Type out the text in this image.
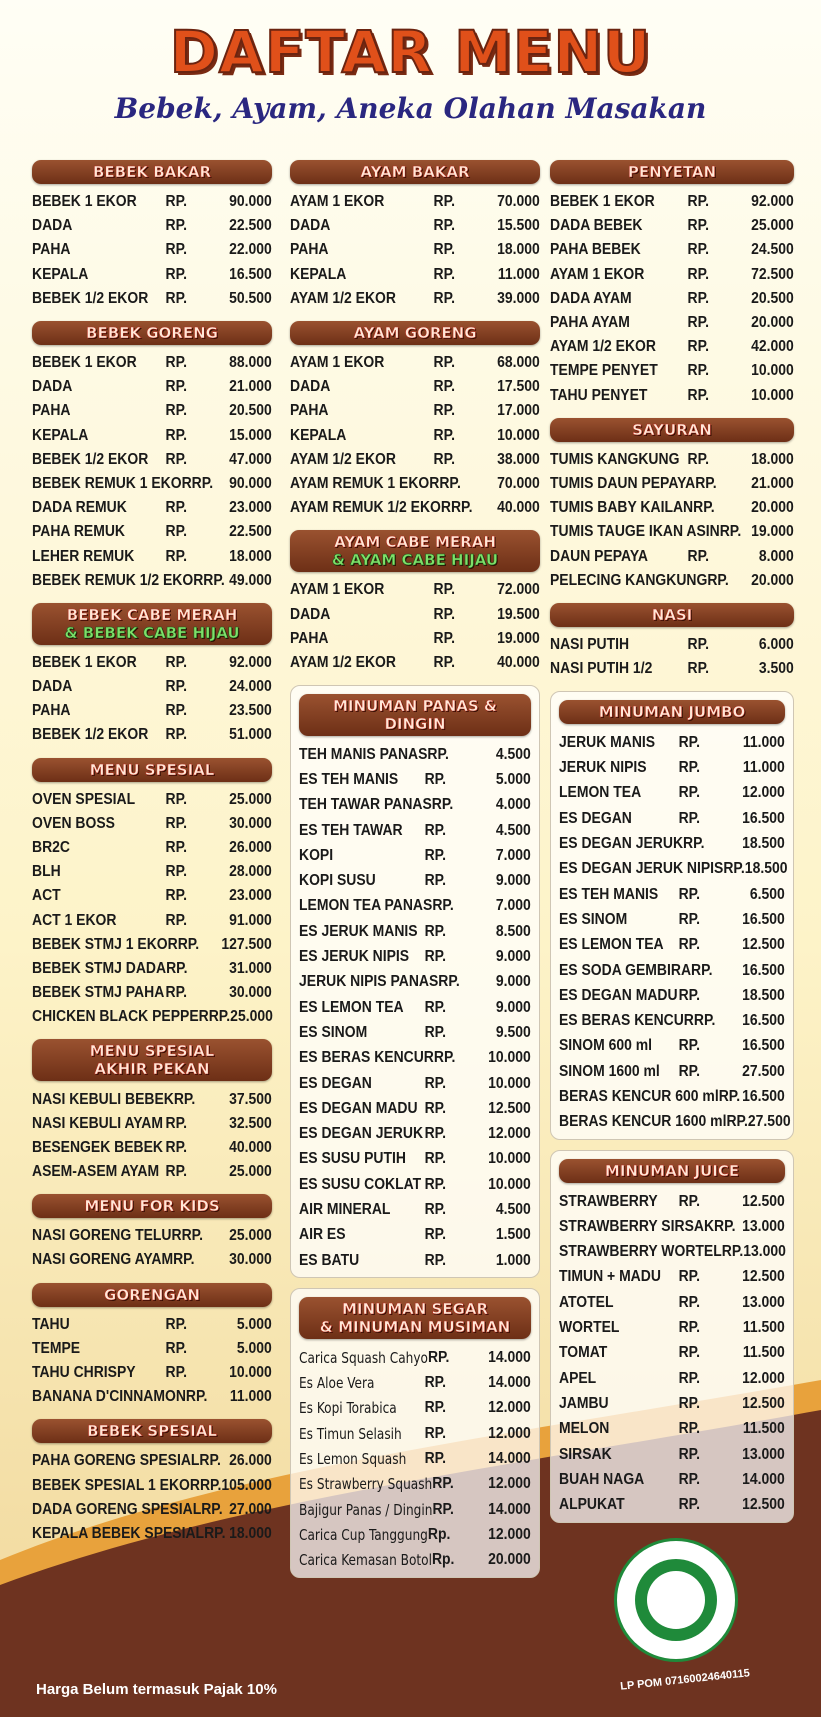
DAFTAR MENU
Bebek, Ayam, Aneka Olahan Masakan
BEBEK BAKAR
BEBEK 1 EKOR	RP.	90.000
DADA	RP.	22.500
PAHA	RP.	22.000
KEPALA	RP.	16.500
BEBEK 1/2 EKOR	RP.	50.500
BEBEK GORENG
BEBEK 1 EKOR	RP.	88.000
DADA	RP.	21.000
PAHA	RP.	20.500
KEPALA	RP.	15.000
BEBEK 1/2 EKOR	RP.	47.000
BEBEK REMUK 1 EKOR RP.	90.000
DADA REMUK	RP.	23.000
PAHA REMUK	RP.	22.500
LEHER REMUK	RP.	18.000
BEBEK REMUK 1/2 EKOR RP. 49.000
BEBEK CABE MERAH
& BEBEK CABE HIJAU
BEBEK 1 EKOR	RP.	92.000
DADA	RP.	24.000
PAHA	RP.	23.500
BEBEK 1/2 EKOR	RP.	51.000
MENU SPESIAL
OVEN SPESIAL	RP.	25.000
OVEN BOSS	RP.	30.000
BR2C	RP.	26.000
BLH	RP.	28.000
ACT	RP.	23.000
ACT 1 EKOR	RP.	91.000
BEBEK STMJ 1 EKOR RP.	127.500
BEBEK STMJ DADA RP.	31.000
BEBEK STMJ PAHA RP.	30.000
CHICKEN BLACK PEPPER RP. 25.000
MENU SPESIAL
AKHIR PEKAN
NASI KEBULI BEBEK RP.	37.500
NASI KEBULI AYAM RP.	32.500
BESENGEK BEBEK RP.	40.000
ASEM-ASEM AYAM RP.	25.000
MENU FOR KIDS
NASI GORENG TELUR RP.	25.000
NASI GORENG AYAM RP.	30.000
GORENGAN
TAHU	RP.	5.000
TEMPE	RP.	5.000
TAHU CHRISPY	RP.	10.000
BANANA D'CINNAMON RP.	11.000
BEBEK SPESIAL
PAHA GORENG SPESIAL RP. 26.000
BEBEK SPESIAL 1 EKOR RP. 105.000
DADA GORENG SPESIAL RP. 27.000
KEPALA BEBEK SPESIAL RP. 18.000
AYAM BAKAR
AYAM 1 EKOR	RP.	70.000
DADA	RP.	15.500
PAHA	RP.	18.000
KEPALA	RP.	11.000
AYAM 1/2 EKOR	RP.	39.000
AYAM GORENG
AYAM 1 EKOR	RP.	68.000
DADA	RP.	17.500
PAHA	RP.	17.000
KEPALA	RP.	10.000
AYAM 1/2 EKOR	RP.	38.000
AYAM REMUK 1 EKOR RP.	70.000
AYAM REMUK 1/2 EKOR RP.	40.000
AYAM CABE MERAH
& AYAM CABE HIJAU
AYAM 1 EKOR	RP.	72.000
DADA	RP.	19.500
PAHA	RP.	19.000
AYAM 1/2 EKOR	RP.	40.000
MINUMAN PANAS & DINGIN
TEH MANIS PANAS RP.	4.500
ES TEH MANIS	RP.	5.000
TEH TAWAR PANAS RP.	4.000
ES TEH TAWAR	RP.	4.500
KOPI	RP.	7.000
KOPI SUSU	RP.	9.000
LEMON TEA PANAS RP.	7.000
ES JERUK MANIS RP.	8.500
ES JERUK NIPIS RP.	9.000
JERUK NIPIS PANAS RP.	9.000
ES LEMON TEA	RP.	9.000
ES SINOM	RP.	9.500
ES BERAS KENCUR RP.	10.000
ES DEGAN	RP.	10.000
ES DEGAN MADU RP.	12.500
ES DEGAN JERUK RP.	12.000
ES SUSU PUTIH	RP.	10.000
ES SUSU COKLAT RP.	10.000
AIR MINERAL	RP.	4.500
AIR ES	RP.	1.500
ES BATU	RP.	1.000
MINUMAN SEGAR
& MINUMAN MUSIMAN
Carica Squash Cahyo RP.	14.000
Es Aloe Vera	RP.	14.000
Es Kopi Torabica	RP.	12.000
Es Timun Selasih	RP.	12.000
Es Lemon Squash	RP.	14.000
Es Strawberry Squash RP.	12.000
Bajigur Panas / Dingin RP.	14.000
Carica Cup Tanggung Rp.	12.000
Carica Kemasan Botol Rp.	20.000
PENYETAN
BEBEK 1 EKOR	RP.	92.000
DADA BEBEK	RP.	25.000
PAHA BEBEK	RP.	24.500
AYAM 1 EKOR	RP.	72.500
DADA AYAM	RP.	20.500
PAHA AYAM	RP.	20.000
AYAM 1/2 EKOR	RP.	42.000
TEMPE PENYET	RP.	10.000
TAHU PENYET	RP.	10.000
SAYURAN
TUMIS KANGKUNG RP.	18.000
TUMIS DAUN PEPAYA RP.	21.000
TUMIS BABY KAILAN RP.	20.000
TUMIS TAUGE IKAN ASIN RP. 19.000
DAUN PEPAYA	RP.	8.000
PELECING KANGKUNG RP.	20.000
NASI
NASI PUTIH	RP.	6.000
NASI PUTIH 1/2	RP.	3.500
MINUMAN JUMBO
JERUK MANIS	RP.	11.000
JERUK NIPIS	RP.	11.000
LEMON TEA	RP.	12.000
ES DEGAN	RP.	16.500
ES DEGAN JERUK RP.	18.500
ES DEGAN JERUK NIPIS RP. 18.500
ES TEH MANIS	RP.	6.500
ES SINOM	RP.	16.500
ES LEMON TEA RP.	12.500
ES SODA GEMBIRA RP.	16.500
ES DEGAN MADU RP.	18.500
ES BERAS KENCUR RP.	16.500
SINOM 600 ml	RP.	16.500
SINOM 1600 ml	RP.	27.500
BERAS KENCUR 600 ml RP. 16.500
BERAS KENCUR 1600 ml RP. 27.500
MINUMAN JUICE
STRAWBERRY	RP.	12.500
STRAWBERRY SIRSAK RP. 13.000
STRAWBERRY WORTEL RP. 13.000
TIMUN + MADU	RP.	12.500
ATOTEL	RP.	13.000
WORTEL	RP.	11.500
TOMAT	RP.	11.500
APEL	RP.	12.000
JAMBU	RP.	12.500
MELON	RP.	11.500
SIRSAK	RP.	13.000
BUAH NAGA	RP.	14.000
ALPUKAT	RP.	12.500
LP POM 07160024640115
Harga Belum termasuk Pajak 10%
